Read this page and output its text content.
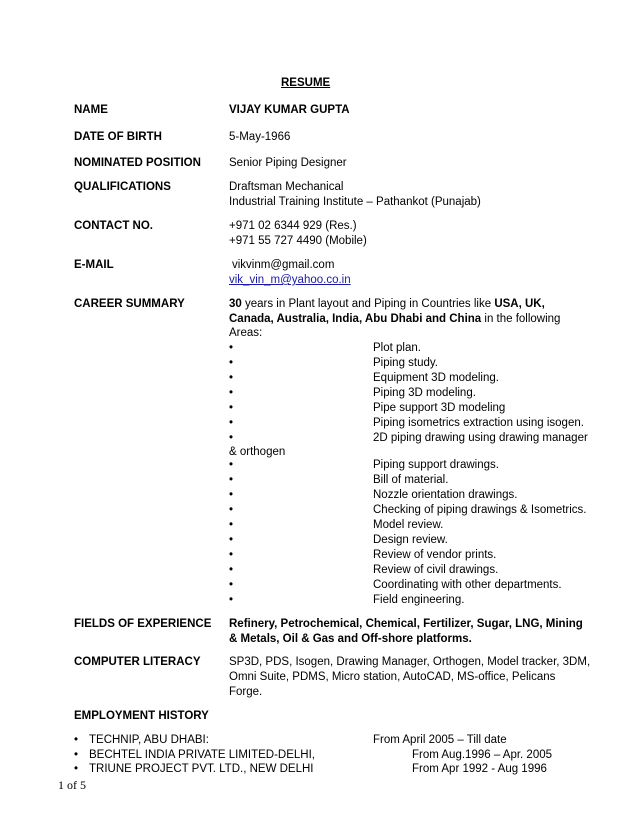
RESUME
NAME	VIJAY KUMAR GUPTA
DATE OF BIRTH	5-May-1966
NOMINATED POSITION Senior Piping Designer
QUALIFICATIONS	Draftsman Mechanical
Industrial Training Institute – Pathankot (Punajab)
CONTACT NO.	+971 02 6344 929 (Res.)
+971 55 727 4490 (Mobile)
E-MAIL	vikvinm@gmail.com
vik_vin_m@yahoo.co.in
CAREER SUMMARY	30 years in Plant layout and Piping in Countries like USA, UK,
Canada, Australia, India, Abu Dhabi and China in the following
Areas:
•	Plot plan.
•	Piping study.
•	Equipment 3D modeling.
•	Piping 3D modeling.
•	Pipe support 3D modeling
•	Piping isometrics extraction using isogen.
•	2D piping drawing using drawing manager
& orthogen
•	Piping support drawings.
•	Bill of material.
•	Nozzle orientation drawings.
•	Checking of piping drawings & Isometrics.
•	Model review.
•	Design review.
•	Review of vendor prints.
•	Review of civil drawings.
•	Coordinating with other departments.
•	Field engineering.
FIELDS OF EXPERIENCE Refinery, Petrochemical, Chemical, Fertilizer, Sugar, LNG, Mining
& Metals, Oil & Gas and Off-shore platforms.
COMPUTER LITERACY SP3D, PDS, Isogen, Drawing Manager, Orthogen, Model tracker, 3DM,
Omni Suite, PDMS, Micro station, AutoCAD, MS-office, Pelicans
Forge.
EMPLOYMENT HISTORY
• TECHNIP, ABU DHABI:	From April 2005 – Till date
• BECHTEL INDIA PRIVATE LIMITED-DELHI,	From Aug.1996 – Apr. 2005
• TRIUNE PROJECT PVT. LTD., NEW DELHI	From Apr 1992 - Aug 1996
1 of 5
